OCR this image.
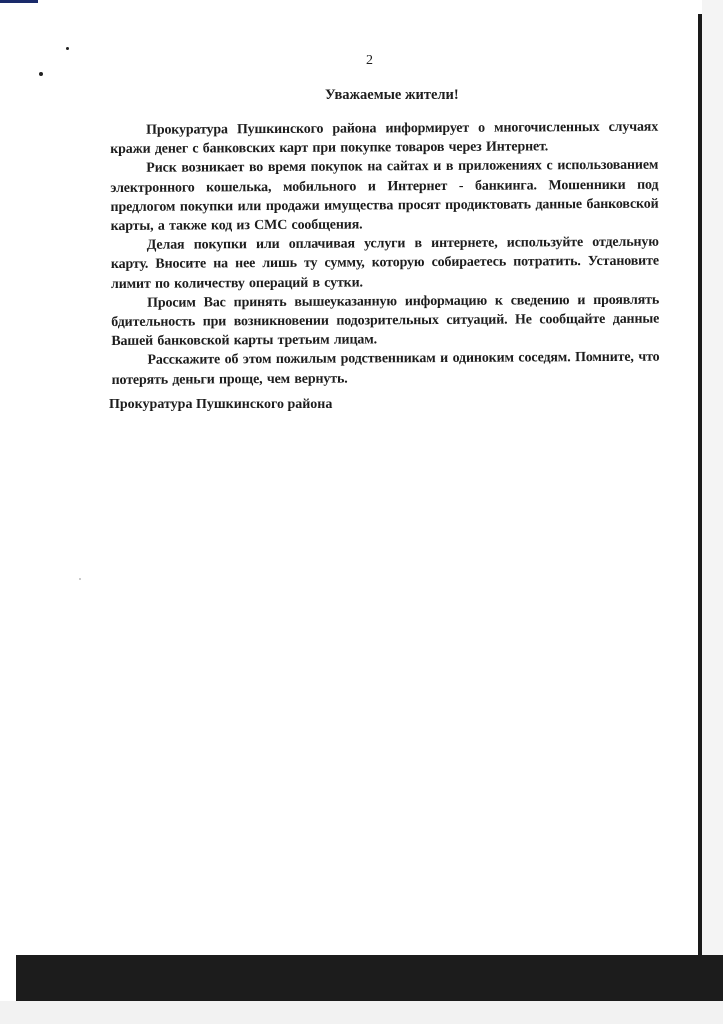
2
Уважаемые жители!

Прокуратура Пушкинского района информирует о многочисленных случаях кражи денег с банковских карт при покупке товаров через Интернет.

Риск возникает во время покупок на сайтах и в приложениях с использованием электронного кошелька, мобильного и Интернет - банкинга. Мошенники под предлогом покупки или продажи имущества просят продиктовать данные банковской карты, а также код из СМС сообщения.

Делая покупки или оплачивая услуги в интернете, используйте отдельную карту. Вносите на нее лишь ту сумму, которую собираетесь потратить. Установите лимит по количеству операций в сутки.

Просим Вас принять вышеуказанную информацию к сведению и проявлять бдительность при возникновении подозрительных ситуаций. Не сообщайте данные Вашей банковской карты третьим лицам.

Расскажите об этом пожилым родственникам и одиноким соседям. Помните, что потерять деньги проще, чем вернуть.

Прокуратура Пушкинского района
